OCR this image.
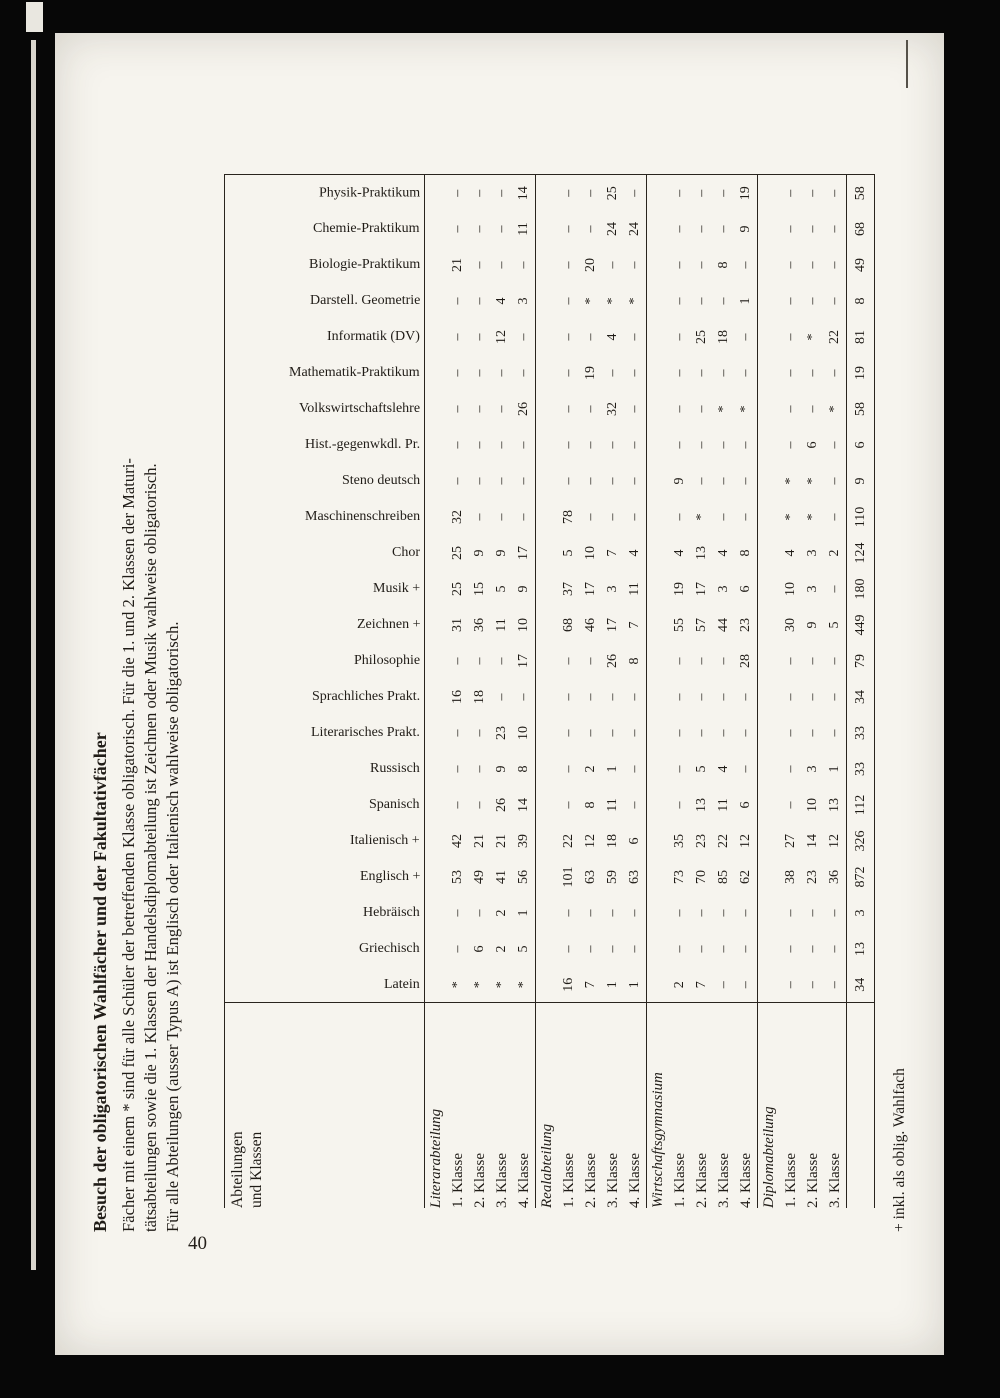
40
Besuch der obligatorischen Wahlfächer und der Fakultativfächer Fächer mit einem * sind für alle Schüler der betreffenden Klasse obligatorisch. Für die 1. und 2. Klassen der Maturi- tätsabteilungen sowie die 1. Klassen der Handelsdiplomabteilung ist Zeichnen oder Musik wahlweise obligatorisch. Für alle Abteilungen (ausser Typus A) ist Englisch oder Italienisch wahlweise obligatorisch.	Abteilungen und Klassen	Latein	Griechisch	Hebräisch	Englisch +	Italienisch +	Spanisch	Russisch	Literarisches Prakt.	Sprachliches Prakt.	Philosophie	Zeichnen +	Musik +	Chor	Maschinenschreiben	Steno deutsch	Hist.-gegenwkdl. Pr.	Volkswirtschaftslehre	Mathematik-Praktikum	Informatik (DV)	Darstell. Geometrie	Biologie-Praktikum	Chemie-Praktikum	Physik-Praktikum

Literarabteilung																							
1. Klasse	*	–	–	53	42	–	–	–	16	–	31	25	25	32	–	–	–	–	–	–	21	–	–
2. Klasse	*	6	–	49	21	–	–	–	18	–	36	15	9	–	–	–	–	–	–	–	–	–	–
3. Klasse	*	2	2	41	21	26	9	23	–	–	11	5	9	–	–	–	–	–	12	4	–	–	–
4. Klasse	*	5	1	56	39	14	8	10	–	17	10	9	17	–	–	–	26	–	–	3	–	11	14
Realabteilung																							
1. Klasse	16	–	–	101	22	–	–	–	–	–	68	37	5	78	–	–	–	–	–	–	–	–	–
2. Klasse	7	–	–	63	12	8	2	–	–	–	46	17	10	–	–	–	–	19	–	*	20	–	–
3. Klasse	1	–	–	59	18	11	1	–	–	26	17	3	7	–	–	–	32	–	4	*	–	24	25
4. Klasse	1	–	–	63	6	–	–	–	–	8	7	11	4	–	–	–	–	–	–	*	–	24	–
Wirtschaftsgymnasium																							
1. Klasse	2	–	–	73	35	–	–	–	–	–	55	19	4	–	9	–	–	–	–	–	–	–	–
2. Klasse	7	–	–	70	23	13	5	–	–	–	57	17	13	*	–	–	–	–	25	–	–	–	–
3. Klasse	–	–	–	85	22	11	4	–	–	–	44	3	4	–	–	–	*	–	18	–	8	–	–
4. Klasse	–	–	–	62	12	6	–	–	–	28	23	6	8	–	–	–	*	–	–	1	–	9	19
Diplomabteilung																							
1. Klasse	–	–	–	38	27	–	–	–	–	–	30	10	4	*	*	–	–	–	–	–	–	–	–
2. Klasse	–	–	–	23	14	10	3	–	–	–	9	3	3	*	*	6	–	–	*	–	–	–	–
3. Klasse	–	–	–	36	12	13	1	–	–	–	5	–	2	–	–	–	*	–	22	–	–	–	–
	34	13	3	872	326	112	33	33	34	79	449	180	124	110	9	6	58	19	81	8	49	68	58
+ inkl. als oblig. Wahlfach
